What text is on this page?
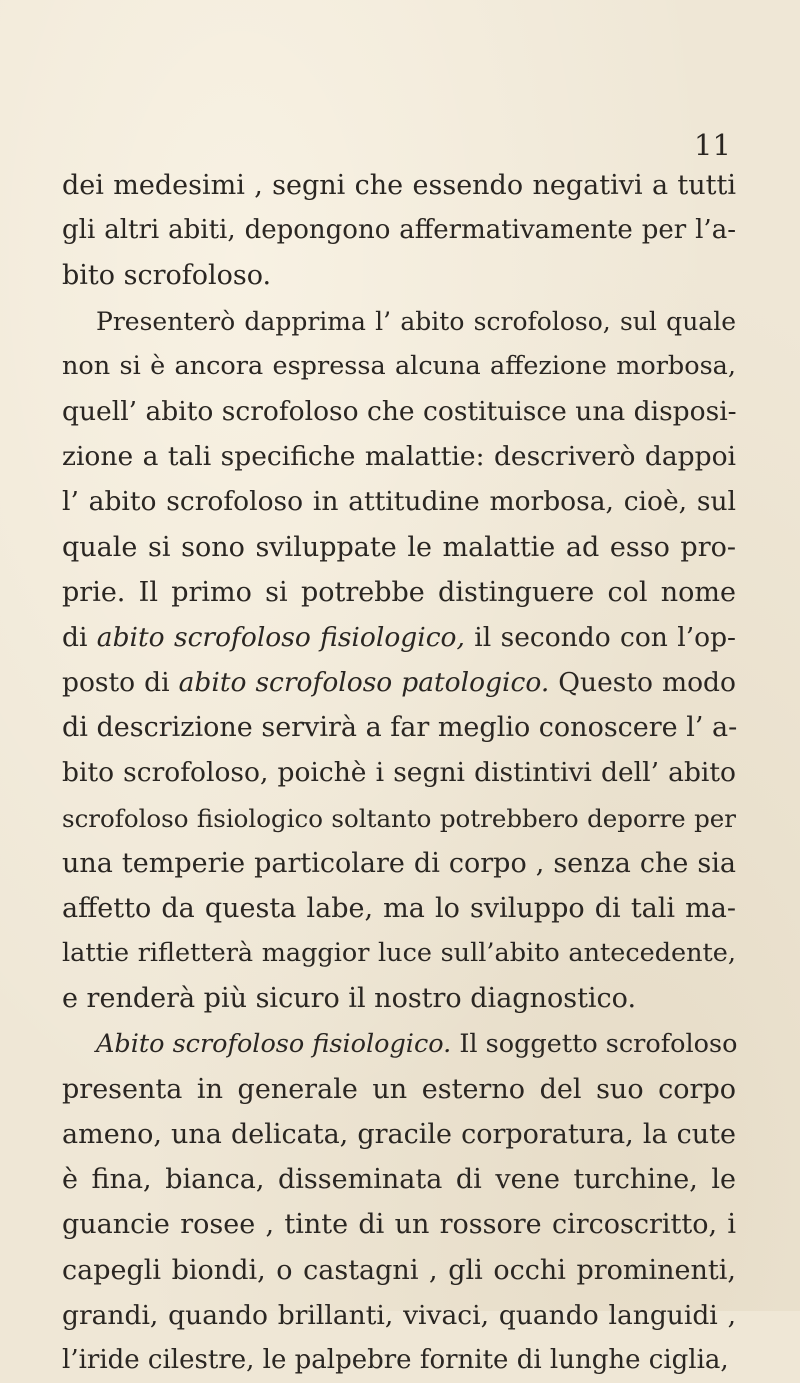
11
dei medesimi , segni che essendo negativi a tutti
gli altri abiti, depongono affermativamente per l’a-
bito scrofoloso.
Presenterò dapprima l’ abito scrofoloso, sul quale
non si è ancora espressa alcuna affezione morbosa,
quell’ abito scrofoloso che costituisce una disposi-
zione a tali specifiche malattie: descriverò dappoi
l’ abito scrofoloso in attitudine morbosa, cioè, sul
quale si sono sviluppate le malattie ad esso pro-
prie. Il primo si potrebbe distinguere col nome
di abito scrofoloso fisiologico, il secondo con l’op-
posto di abito scrofoloso patologico. Questo modo
di descrizione servirà a far meglio conoscere l’ a-
bito scrofoloso, poichè i segni distintivi dell’ abito
scrofoloso fisiologico soltanto potrebbero deporre per
una temperie particolare di corpo , senza che sia
affetto da questa labe, ma lo sviluppo di tali ma-
lattie rifletterà maggior luce sull’abito antecedente,
e renderà più sicuro il nostro diagnostico.
Abito scrofoloso fisiologico. Il soggetto scrofoloso
presenta in generale un esterno del suo corpo
ameno, una delicata, gracile corporatura, la cute
è fina, bianca, disseminata di vene turchine, le
guancie rosee , tinte di un rossore circoscritto, i
capegli biondi, o castagni , gli occhi prominenti,
grandi, quando brillanti, vivaci, quando languidi ,
l’iride cilestre, le palpebre fornite di lunghe ciglia,
